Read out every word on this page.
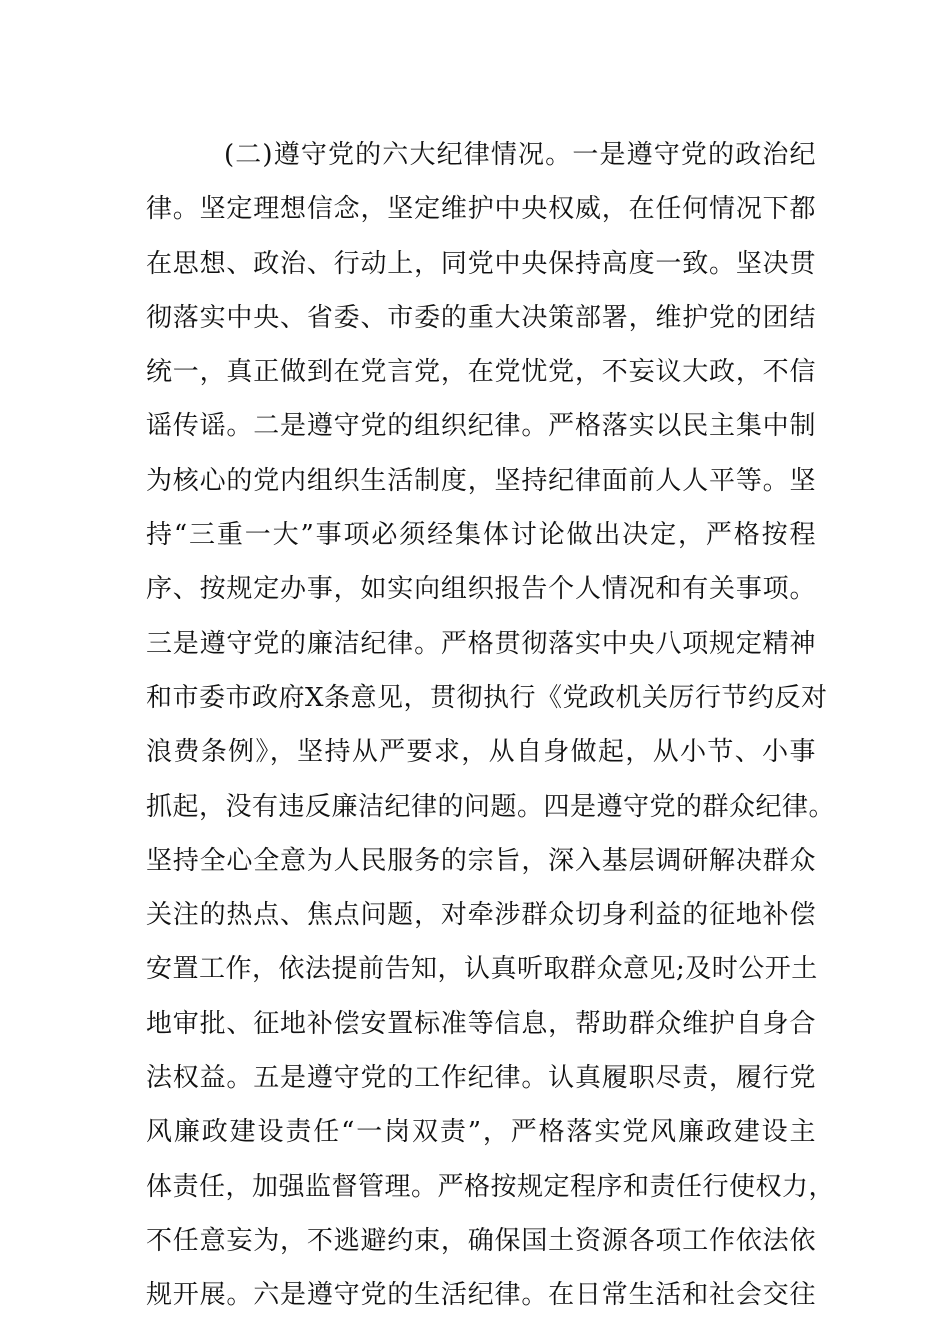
(二)遵守党的六大纪律情况。一是遵守党的政治纪
律。坚定理想信念，坚定维护中央权威，在任何情况下都
在思想、政治、行动上，同党中央保持高度一致。坚决贯
彻落实中央、省委、市委的重大决策部署，维护党的团结
统一，真正做到在党言党，在党忧党，不妄议大政，不信
谣传谣。二是遵守党的组织纪律。严格落实以民主集中制
为核心的党内组织生活制度，坚持纪律面前人人平等。坚
持“三重一大”事项必须经集体讨论做出决定，严格按程
序、按规定办事，如实向组织报告个人情况和有关事项。
三是遵守党的廉洁纪律。严格贯彻落实中央八项规定精神
和市委市政府X条意见，贯彻执行《党政机关厉行节约反对
浪费条例》，坚持从严要求，从自身做起，从小节、小事
抓起，没有违反廉洁纪律的问题。四是遵守党的群众纪律。
坚持全心全意为人民服务的宗旨，深入基层调研解决群众
关注的热点、焦点问题，对牵涉群众切身利益的征地补偿
安置工作，依法提前告知，认真听取群众意见;及时公开土
地审批、征地补偿安置标准等信息，帮助群众维护自身合
法权益。五是遵守党的工作纪律。认真履职尽责，履行党
风廉政建设责任“一岗双责”，严格落实党风廉政建设主
体责任，加强监督管理。严格按规定程序和责任行使权力，
不任意妄为，不逃避约束，确保国土资源各项工作依法依
规开展。六是遵守党的生活纪律。在日常生活和社会交往
